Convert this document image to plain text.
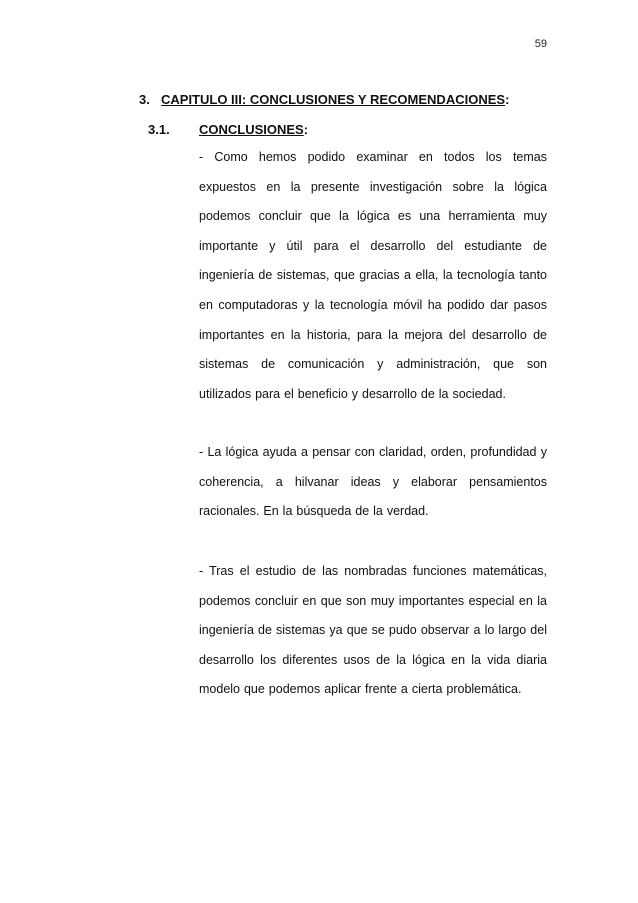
59
3. CAPITULO III: CONCLUSIONES Y RECOMENDACIONES:
3.1. CONCLUSIONES:

- Como hemos podido examinar en todos los temas expuestos en la presente investigación sobre la lógica podemos concluir que la lógica es una herramienta muy importante y útil para el desarrollo del estudiante de ingeniería de sistemas, que gracias a ella, la tecnología tanto en computadoras y la tecnología móvil ha podido dar pasos importantes en la historia, para la mejora del desarrollo de sistemas de comunicación y administración, que son utilizados para el beneficio y desarrollo de la sociedad.

- La lógica ayuda a pensar con claridad, orden, profundidad y coherencia, a hilvanar ideas y elaborar pensamientos racionales. En la búsqueda de la verdad.

- Tras el estudio de las nombradas funciones matemáticas, podemos concluir en que son muy importantes especial en la ingeniería de sistemas ya que se pudo observar a lo largo del desarrollo los diferentes usos de la lógica en la vida diaria modelo que podemos aplicar frente a cierta problemática.
